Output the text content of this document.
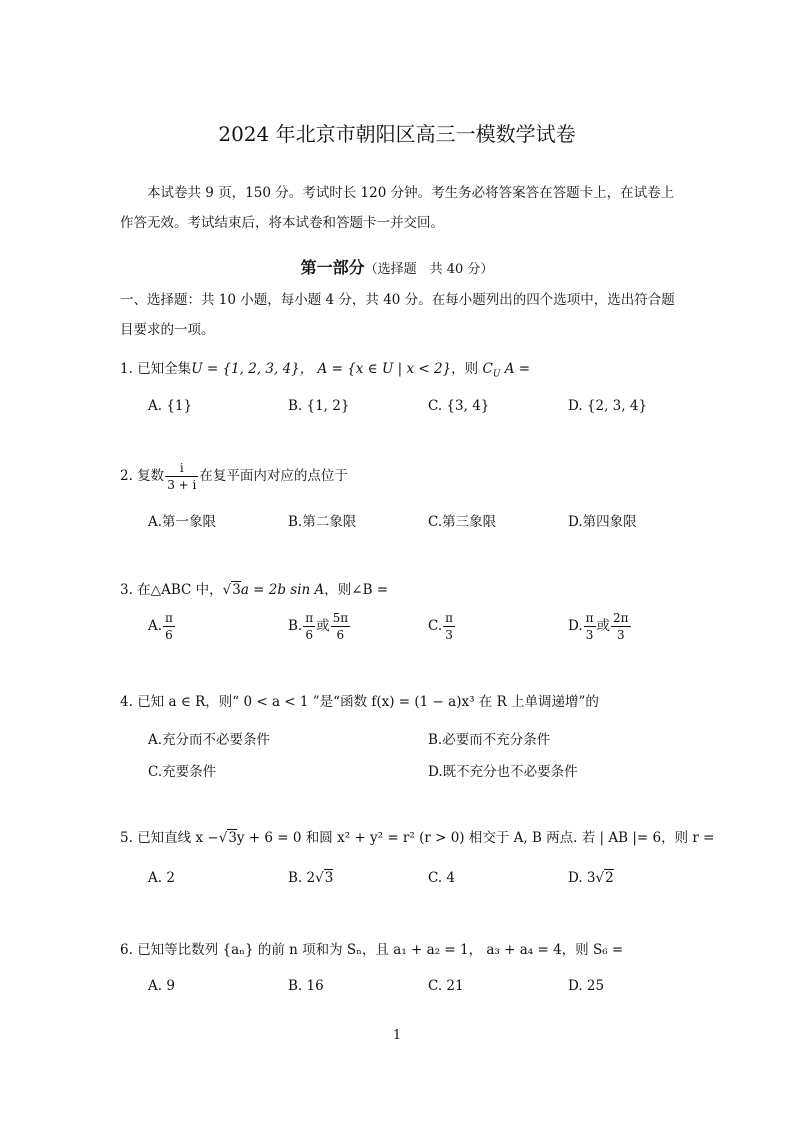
2024 年北京市朝阳区高三一模数学试卷
本试卷共 9 页，150 分。考试时长 120 分钟。考生务必将答案答在答题卡上，在试卷上作答无效。考试结束后，将本试卷和答题卡一并交回。
第一部分（选择题　共 40 分）
一、选择题：共 10 小题，每小题 4 分，共 40 分。在每小题列出的四个选项中，选出符合题目要求的一项。
1. 已知全集U = {1, 2, 3, 4}， A = {x ∈ U | x < 2}，则 $C_U$ A =
A. {1}	B. {1, 2}	C. {3, 4}	D. {2, 3, 4}
2. 复数 $\frac{i}{3 + i}$ 在复平面内对应的点位于
A.第一象限	B.第二象限	C.第三象限	D.第四象限
3. 在△ABC 中，√3a = 2b sin A，则∠B =
A. $\frac{\pi}{6}$	B. $\frac{\pi}{6}$ 或 $\frac{5\pi}{6}$	C. $\frac{\pi}{3}$	D. $\frac{\pi}{3}$ 或 $\frac{2\pi}{3}$
4. 已知 a ∈ R，则“ 0 < a < 1 ”是“函数 f(x) = (1 − a)x³ 在 R 上单调递增”的
A.充分而不必要条件	B.必要而不充分条件
C.充要条件	D.既不充分也不必要条件
5. 已知直线 x −√3y + 6 = 0 和圆 x² + y² = r² (r > 0) 相交于 A, B 两点. 若 | AB |= 6，则 r =
A. 2	B. 2√3	C. 4	D. 3√2
6. 已知等比数列 {aₙ} 的前 n 项和为 Sₙ，且 a₁ + a₂ = 1， a₃ + a₄ = 4，则 S₆ =
A. 9	B. 16	C. 21	D. 25
1
